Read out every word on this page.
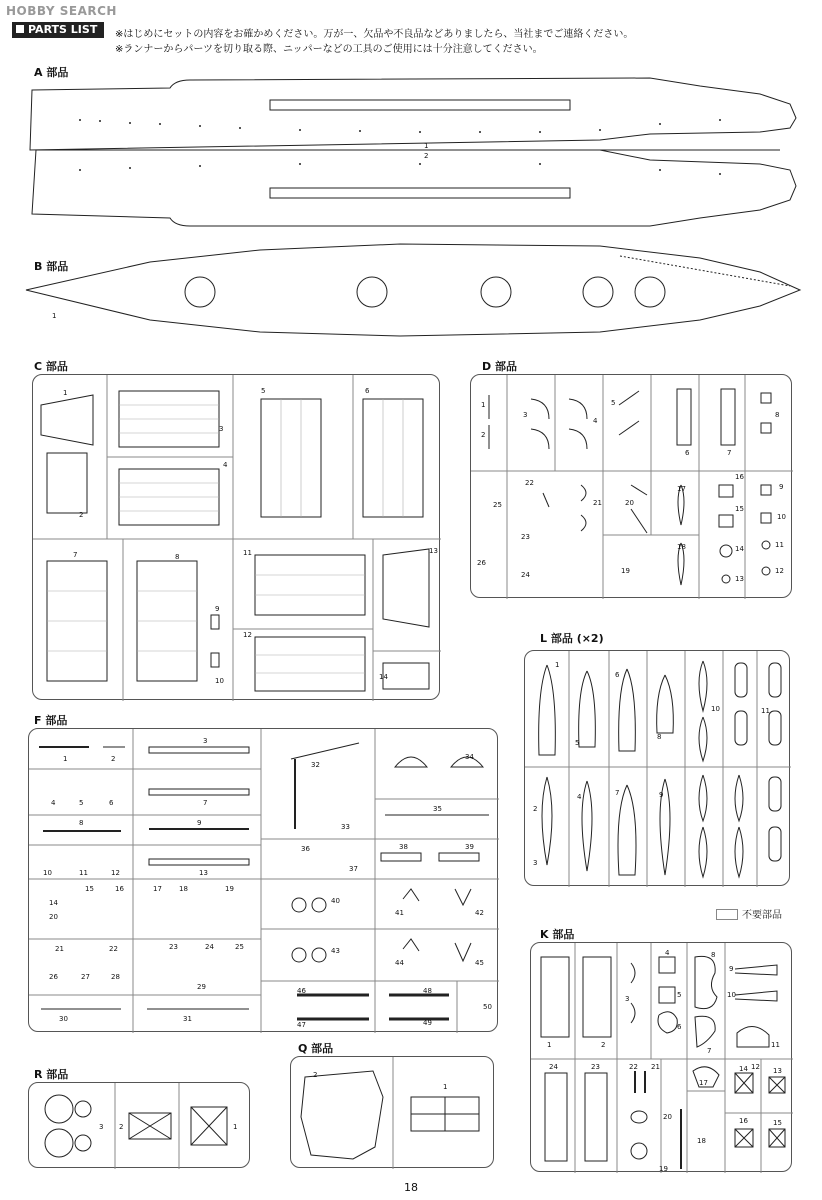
HOBBY SEARCH
PARTS LIST	※はじめにセットの内容をお確かめください。万が一、欠品や不良品などありましたら、当社までご連絡ください。
※ランナーからパーツを切り取る際、ニッパーなどの工具のご使用には十分注意してください。
A 部品
1
2
B 部品
1
C 部品
1
2
3
4
5	6
7	8
9
10
11
12
13
14
D 部品
1
2
3
4
5
6	7
8
9
10
11
12
13
14
15
16
17
18
19
20
21
22
23
24
25
26
L 部品 (×2)
1
2
3
4
5
6
7
8
9
10	11
F 部品
1	2
3
4	5	6	7
8	9
10	11	12	13
14
15	16	17 18	19
20
21	22	23	24	25
26	27	28
29
30	31
32
33
34
35
36
37
38	39
40
41	42
43
44	45
46
47
48
49
50
不要部品
K 部品
1	2
3
4
5
6
7
8
9
10
11
12 13
14
15
16
17
18
19
20
21
22
23
24
R 部品
3 2	1
Q 部品
2
1
18
